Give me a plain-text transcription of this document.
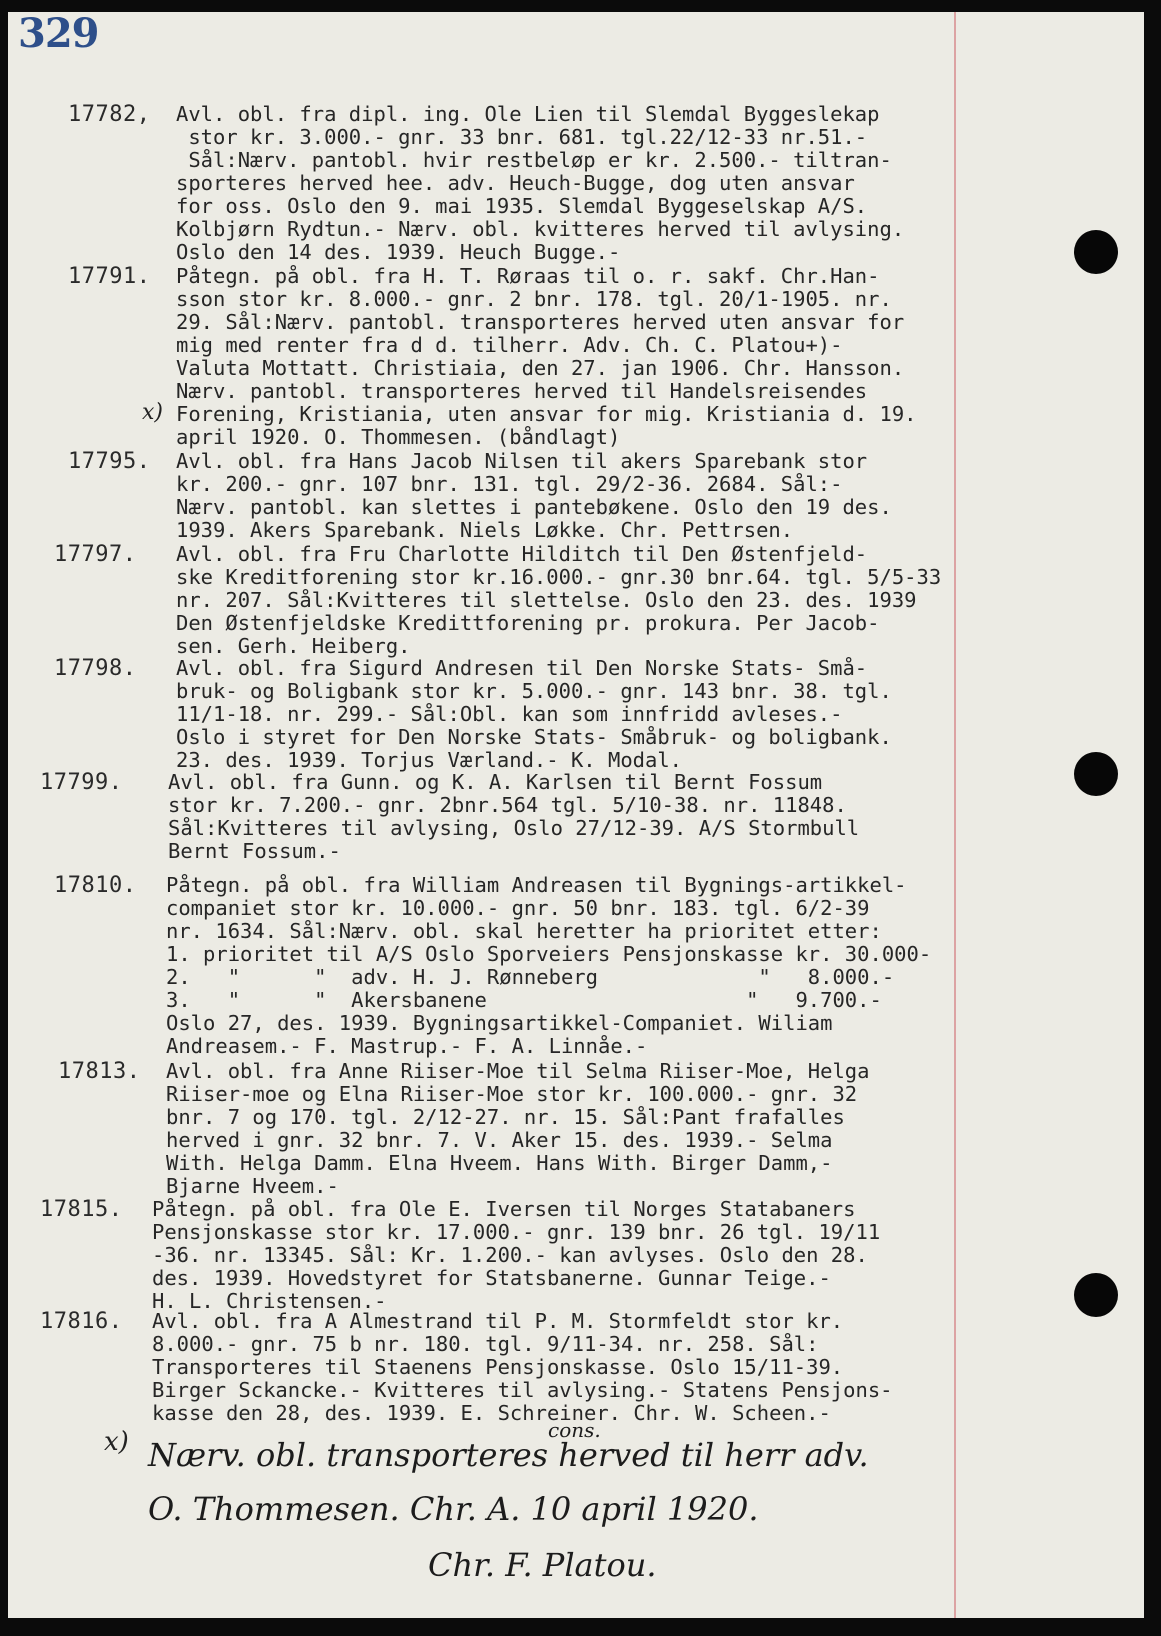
329
17782, Avl. obl. fra dipl. ing. Ole Lien til Slemdal Byggeslekap
stor kr. 3.000.- gnr. 33 bnr. 681. tgl.22/12-33 nr.51.-
Sål:Nærv. pantobl. hvir restbeløp er kr. 2.500.- tiltran-
sporteres herved hee. adv. Heuch-Bugge, dog uten ansvar
for oss. Oslo den 9. mai 1935. Slemdal Byggeselskap A/S.
Kolbjørn Rydtun.- Nærv. obl. kvitteres herved til avlysing.
Oslo den 14 des. 1939. Heuch Bugge.-
17791. Påtegn. på obl. fra H. T. Røraas til o. r. sakf. Chr.Han-
sson stor kr. 8.000.- gnr. 2 bnr. 178. tgl. 20/1-1905. nr.
29. Sål:Nærv. pantobl. transporteres herved uten ansvar for
mig med renter fra d d. tilherr. Adv. Ch. C. Platou+)-
Valuta Mottatt. Christiaia, den 27. jan 1906. Chr. Hansson.
Nærv. pantobl. transporteres herved til Handelsreisendes
x) Forening, Kristiania, uten ansvar for mig. Kristiania d. 19.
april 1920. O. Thommesen. (båndlagt)
17795. Avl. obl. fra Hans Jacob Nilsen til akers Sparebank stor
kr. 200.- gnr. 107 bnr. 131. tgl. 29/2-36. 2684. Sål:-
Nærv. pantobl. kan slettes i pantebøkene. Oslo den 19 des.
1939. Akers Sparebank. Niels Løkke. Chr. Pettrsen.
17797. Avl. obl. fra Fru Charlotte Hilditch til Den Østenfjeld-
ske Kreditforening stor kr.16.000.- gnr.30 bnr.64. tgl. 5/5-33
nr. 207. Sål:Kvitteres til slettelse. Oslo den 23. des. 1939
Den Østenfjeldske Kredittforening pr. prokura. Per Jacob-
sen. Gerh. Heiberg.
17798. Avl. obl. fra Sigurd Andresen til Den Norske Stats- Små-
bruk- og Boligbank stor kr. 5.000.- gnr. 143 bnr. 38. tgl.
11/1-18. nr. 299.- Sål:Obl. kan som innfridd avleses.-
Oslo i styret for Den Norske Stats- Småbruk- og boligbank.
23. des. 1939. Torjus Værland.- K. Modal.
17799. Avl. obl. fra Gunn. og K. A. Karlsen til Bernt Fossum
stor kr. 7.200.- gnr. 2bnr.564 tgl. 5/10-38. nr. 11848.
Sål:Kvitteres til avlysing, Oslo 27/12-39. A/S Stormbull
Bernt Fossum.-
17810. Påtegn. på obl. fra William Andreasen til Bygnings-artikkel-
companiet stor kr. 10.000.- gnr. 50 bnr. 183. tgl. 6/2-39
nr. 1634. Sål:Nærv. obl. skal heretter ha prioritet etter:
1. prioritet til A/S Oslo Sporveiers Pensjonskasse kr. 30.000-
2.   "      "  adv. H. J. Rønneberg             "   8.000.-
3.   "      "  Akersbanene                     "   9.700.-
Oslo 27, des. 1939. Bygningsartikkel-Companiet. Wiliam
Andreasem.- F. Mastrup.- F. A. Linnåe.-
17813. Avl. obl. fra Anne Riiser-Moe til Selma Riiser-Moe, Helga
Riiser-moe og Elna Riiser-Moe stor kr. 100.000.- gnr. 32
bnr. 7 og 170. tgl. 2/12-27. nr. 15. Sål:Pant frafalles
herved i gnr. 32 bnr. 7. V. Aker 15. des. 1939.- Selma
With. Helga Damm. Elna Hveem. Hans With. Birger Damm,-
Bjarne Hveem.-
17815. Påtegn. på obl. fra Ole E. Iversen til Norges Statabaners
Pensjonskasse stor kr. 17.000.- gnr. 139 bnr. 26 tgl. 19/11
-36. nr. 13345. Sål: Kr. 1.200.- kan avlyses. Oslo den 28.
des. 1939. Hovedstyret for Statsbanerne. Gunnar Teige.-
H. L. Christensen.-
17816. Avl. obl. fra A Almestrand til P. M. Stormfeldt stor kr.
8.000.- gnr. 75 b nr. 180. tgl. 9/11-34. nr. 258. Sål:
Transporteres til Staenens Pensjonskasse. Oslo 15/11-39.
Birger Sckancke.- Kvitteres til avlysing.- Statens Pensjons-
kasse den 28, des. 1939. E. Schreiner. Chr. W. Scheen.-
x)	cons.
Nærv. obl. transporteres herved til herr adv.
O. Thommesen. Chr. A. 10 april 1920.
Chr. F. Platou.
